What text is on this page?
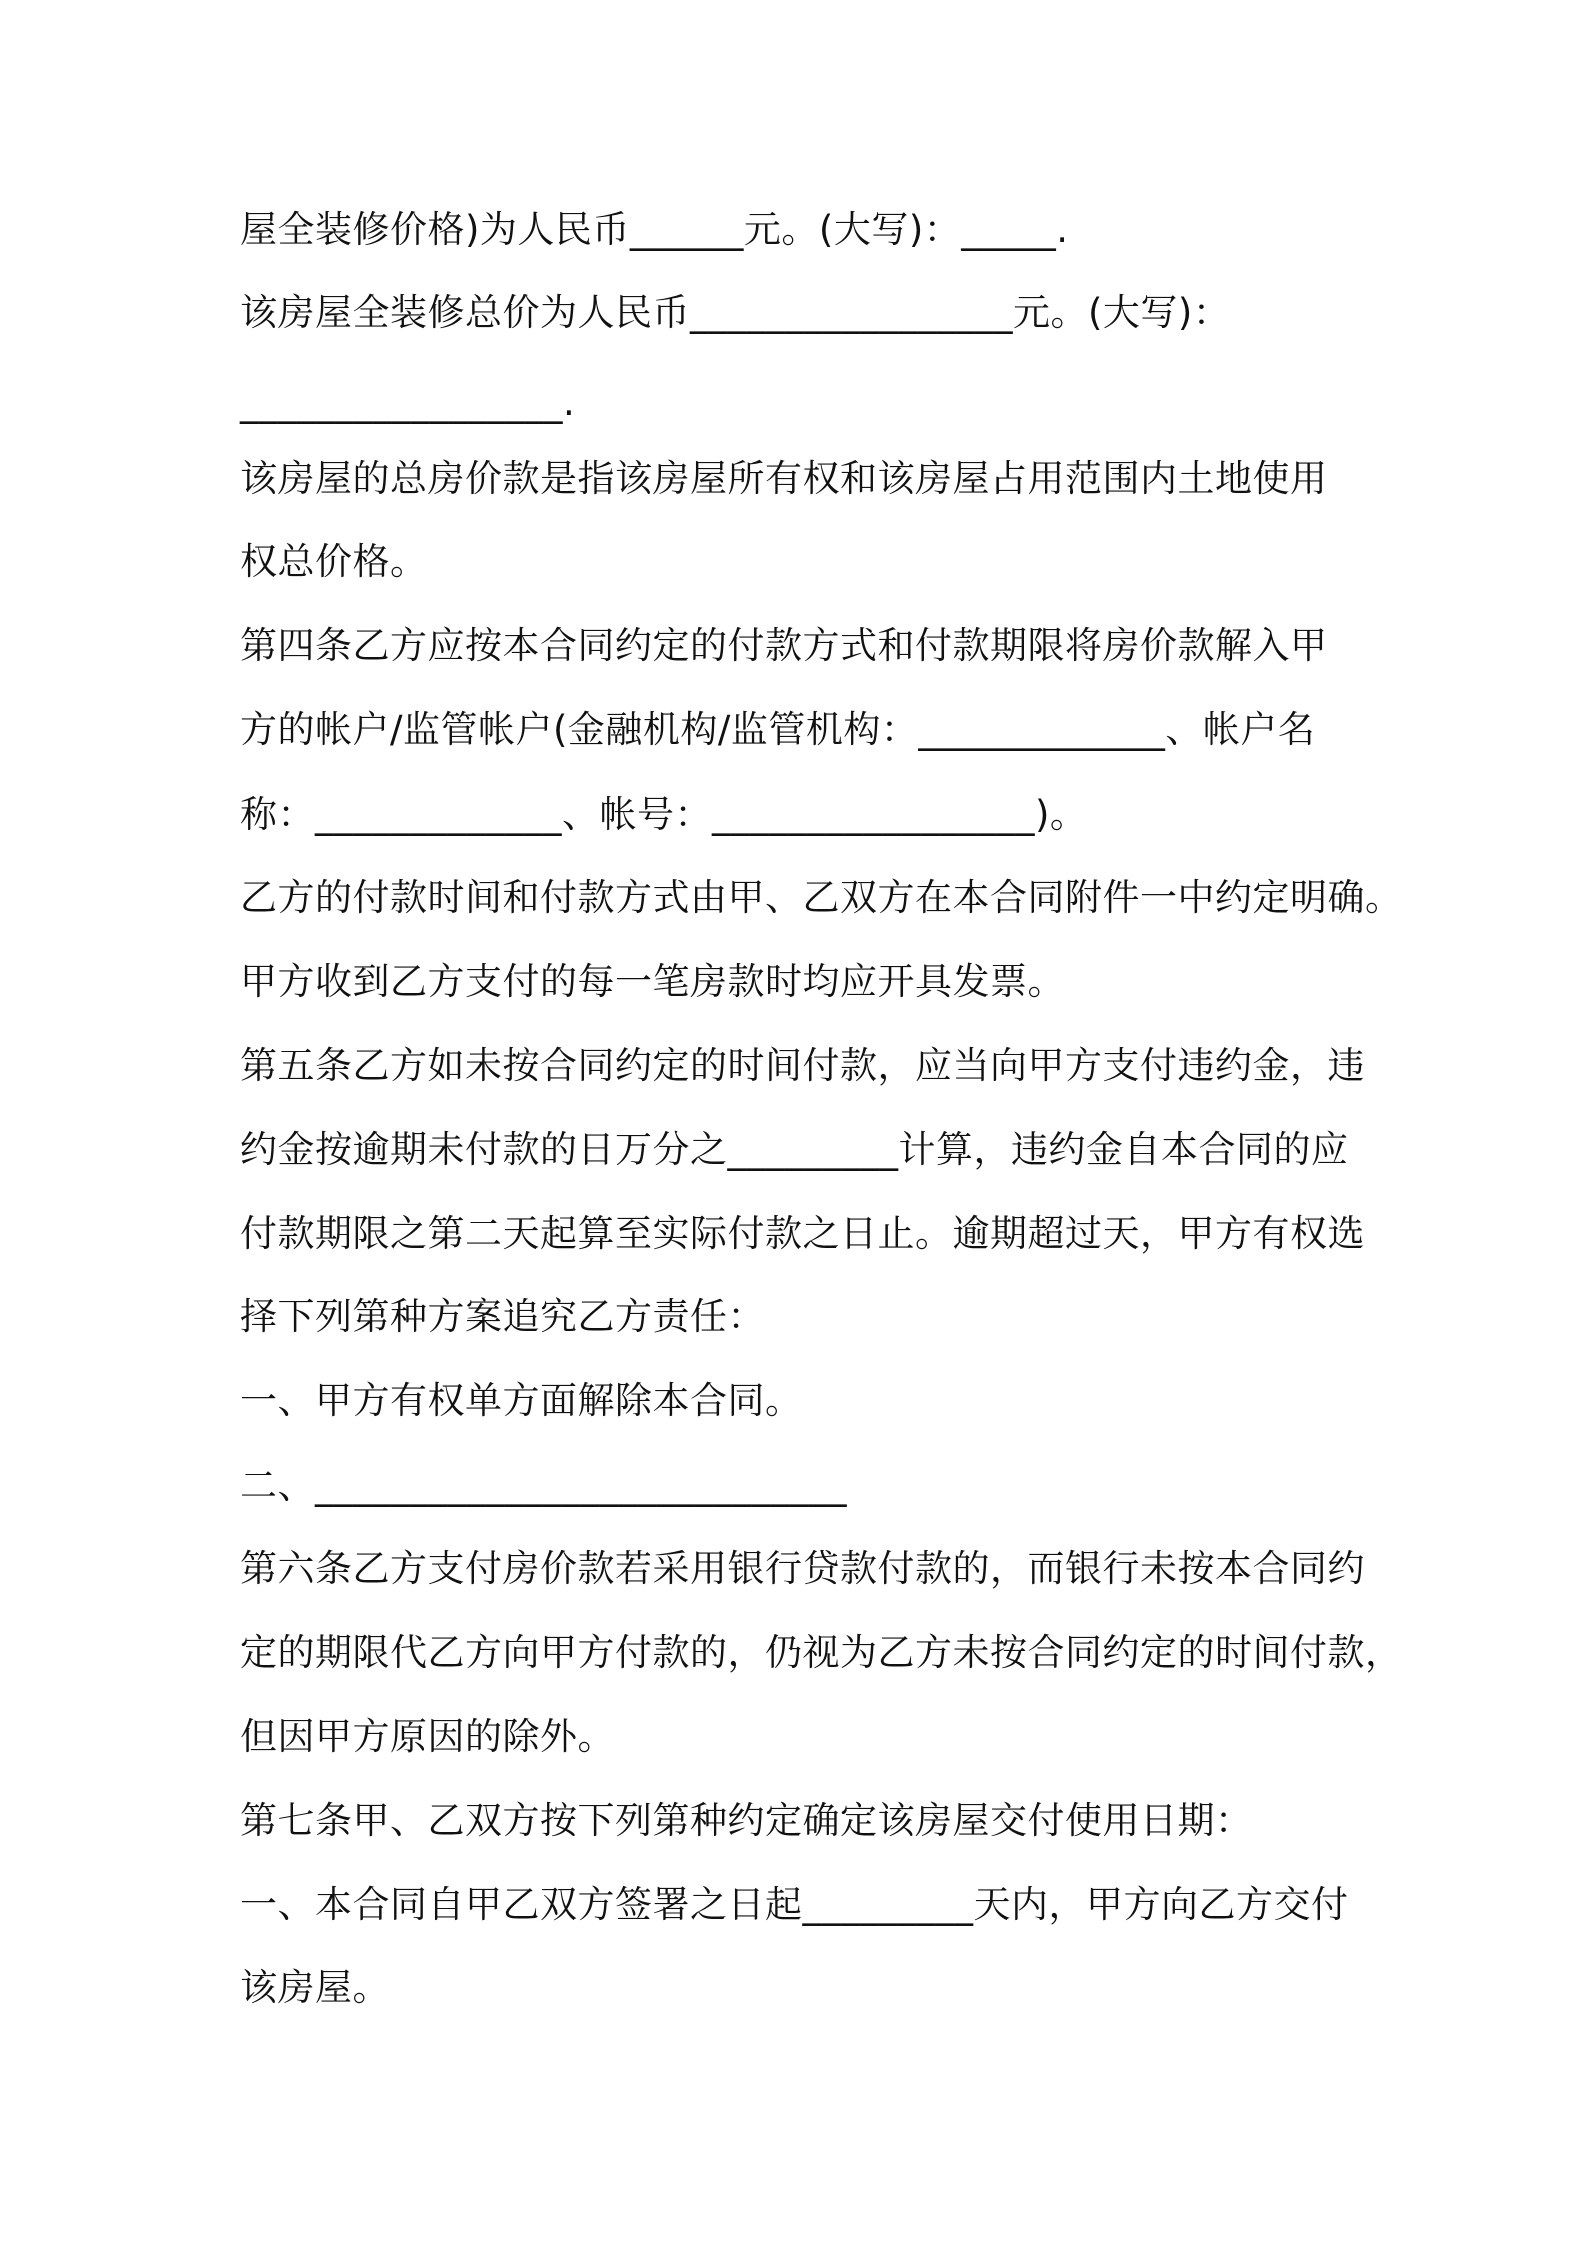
屋全装修价格)为人民币______元。(大写)：_____.
该房屋全装修总价为人民币_________________元。(大写)：
_________________.
该房屋的总房价款是指该房屋所有权和该房屋占用范围内土地使用
权总价格。
第四条乙方应按本合同约定的付款方式和付款期限将房价款解入甲
方的帐户/监管帐户(金融机构/监管机构：_____________、帐户名
称：_____________、帐号：_________________)。
乙方的付款时间和付款方式由甲、乙双方在本合同附件一中约定明确。
甲方收到乙方支付的每一笔房款时均应开具发票。
第五条乙方如未按合同约定的时间付款，应当向甲方支付违约金，违
约金按逾期未付款的日万分之_________计算，违约金自本合同的应
付款期限之第二天起算至实际付款之日止。逾期超过天，甲方有权选
择下列第种方案追究乙方责任：
一、甲方有权单方面解除本合同。
二、____________________________
第六条乙方支付房价款若采用银行贷款付款的，而银行未按本合同约
定的期限代乙方向甲方付款的，仍视为乙方未按合同约定的时间付款，
但因甲方原因的除外。
第七条甲、乙双方按下列第种约定确定该房屋交付使用日期：
一、本合同自甲乙双方签署之日起_________天内，甲方向乙方交付
该房屋。
